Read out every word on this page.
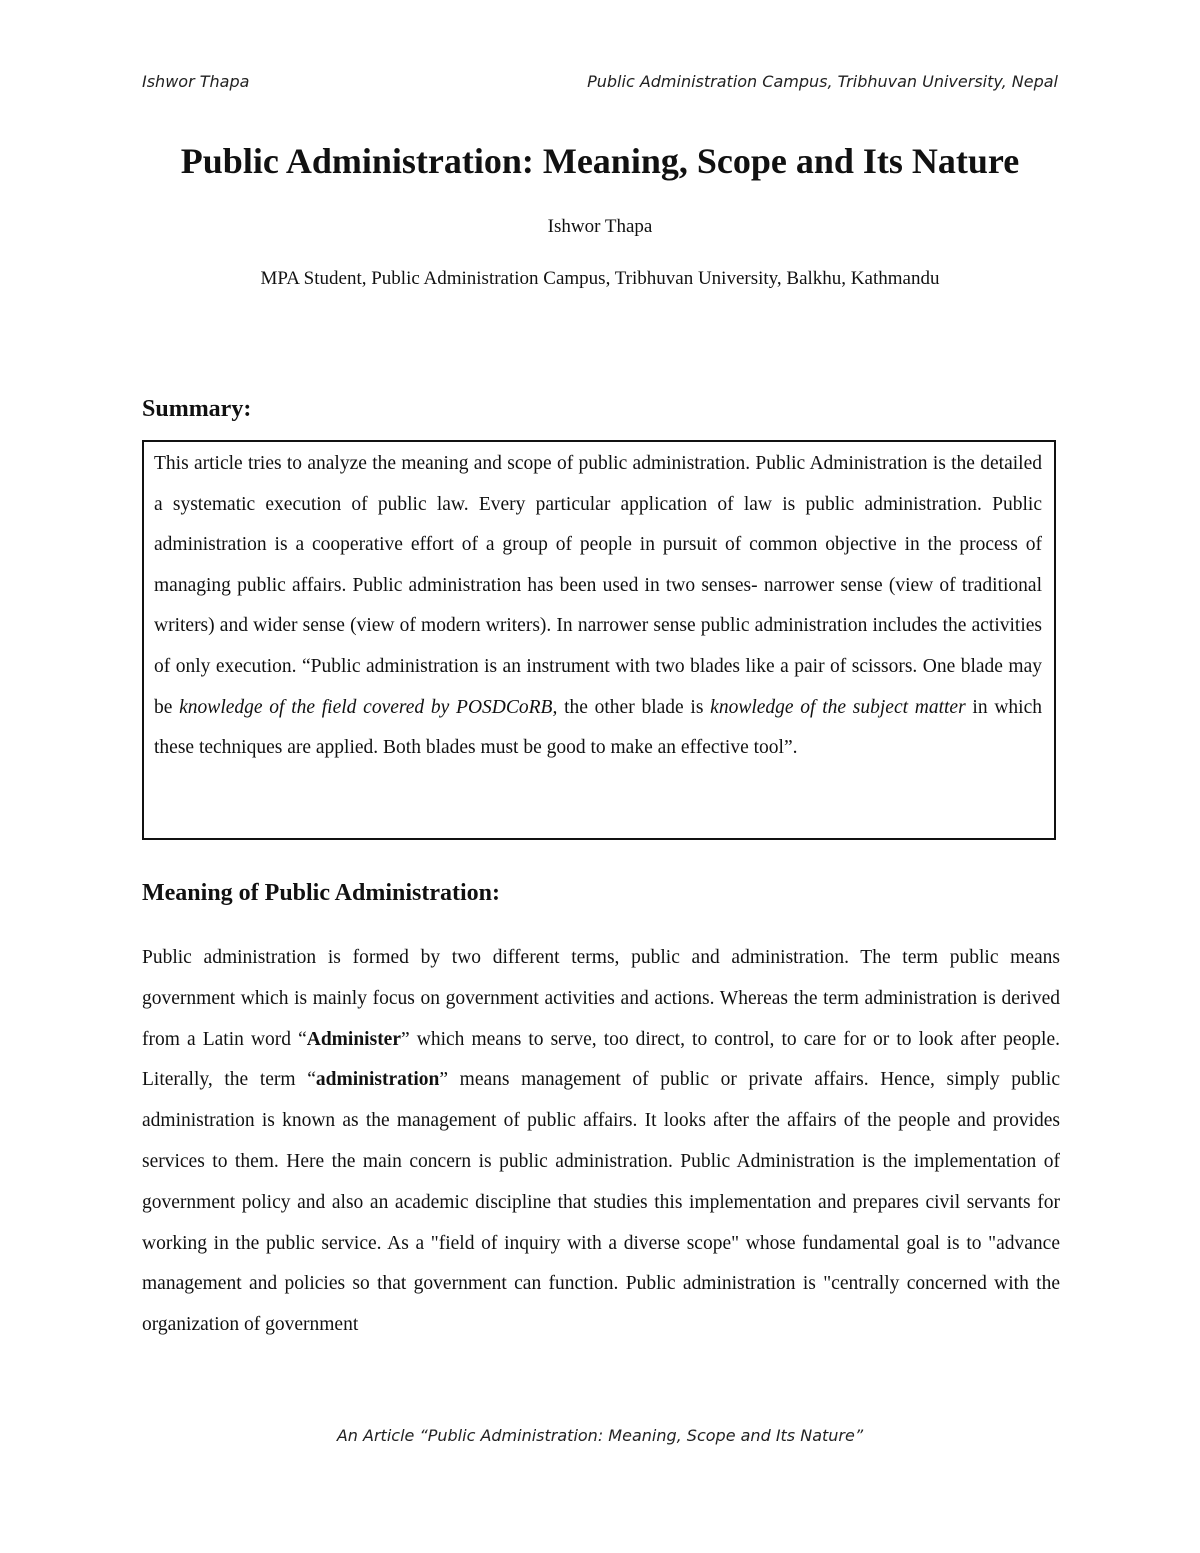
Ishwor Thapa	Public Administration Campus, Tribhuvan University, Nepal
Public Administration: Meaning, Scope and Its Nature
Ishwor Thapa
MPA Student, Public Administration Campus, Tribhuvan University, Balkhu, Kathmandu
Summary:
This article tries to analyze the meaning and scope of public administration. Public Administration is the detailed a systematic execution of public law. Every particular application of law is public administration. Public administration is a cooperative effort of a group of people in pursuit of common objective in the process of managing public affairs. Public administration has been used in two senses- narrower sense (view of traditional writers) and wider sense (view of modern writers). In narrower sense public administration includes the activities of only execution. “Public administration is an instrument with two blades like a pair of scissors. One blade may be knowledge of the field covered by POSDCoRB, the other blade is knowledge of the subject matter in which these techniques are applied. Both blades must be good to make an effective tool”.
Meaning of Public Administration:

Public administration is formed by two different terms, public and administration. The term public means government which is mainly focus on government activities and actions. Whereas the term administration is derived from a Latin word “Administer” which means to serve, too direct, to control, to care for or to look after people. Literally, the term “administration” means management of public or private affairs. Hence, simply public administration is known as the management of public affairs. It looks after the affairs of the people and provides services to them. Here the main concern is public administration. Public Administration is the implementation of government policy and also an academic discipline that studies this implementation and prepares civil servants for working in the public service. As a "field of inquiry with a diverse scope" whose fundamental goal is to "advance management and policies so that government can function. Public administration is "centrally concerned with the organization of government

An Article “Public Administration: Meaning, Scope and Its Nature”
